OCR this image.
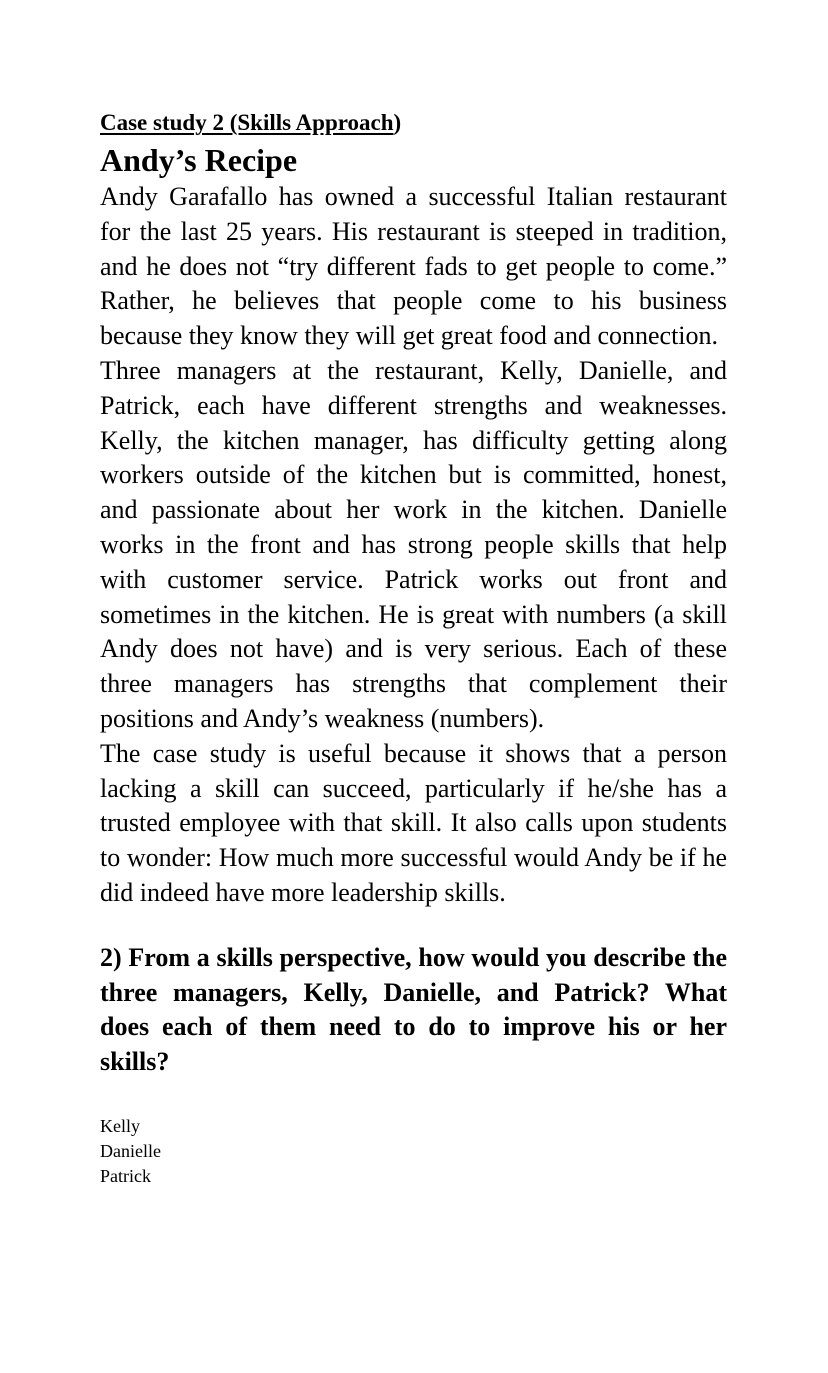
Case study 2 (Skills Approach)

Andy’s Recipe

Andy Garafallo has owned a successful Italian restaurant for the last 25 years. His restaurant is steeped in tradition, and he does not “try different fads to get people to come.” Rather, he believes that people come to his business because they know they will get great food and connection.

Three managers at the restaurant, Kelly, Danielle, and Patrick, each have different strengths and weaknesses. Kelly, the kitchen manager, has difficulty getting along workers outside of the kitchen but is committed, honest, and passionate about her work in the kitchen. Danielle works in the front and has strong people skills that help with customer service. Patrick works out front and sometimes in the kitchen. He is great with numbers (a skill Andy does not have) and is very serious. Each of these three managers has strengths that complement their positions and Andy’s weakness (numbers).

The case study is useful because it shows that a person lacking a skill can succeed, particularly if he/she has a trusted employee with that skill. It also calls upon students to wonder: How much more successful would Andy be if he did indeed have more leadership skills.

2) From a skills perspective, how would you describe the three managers, Kelly, Danielle, and Patrick? What does each of them need to do to improve his or her skills?

Kelly

Danielle

Patrick
